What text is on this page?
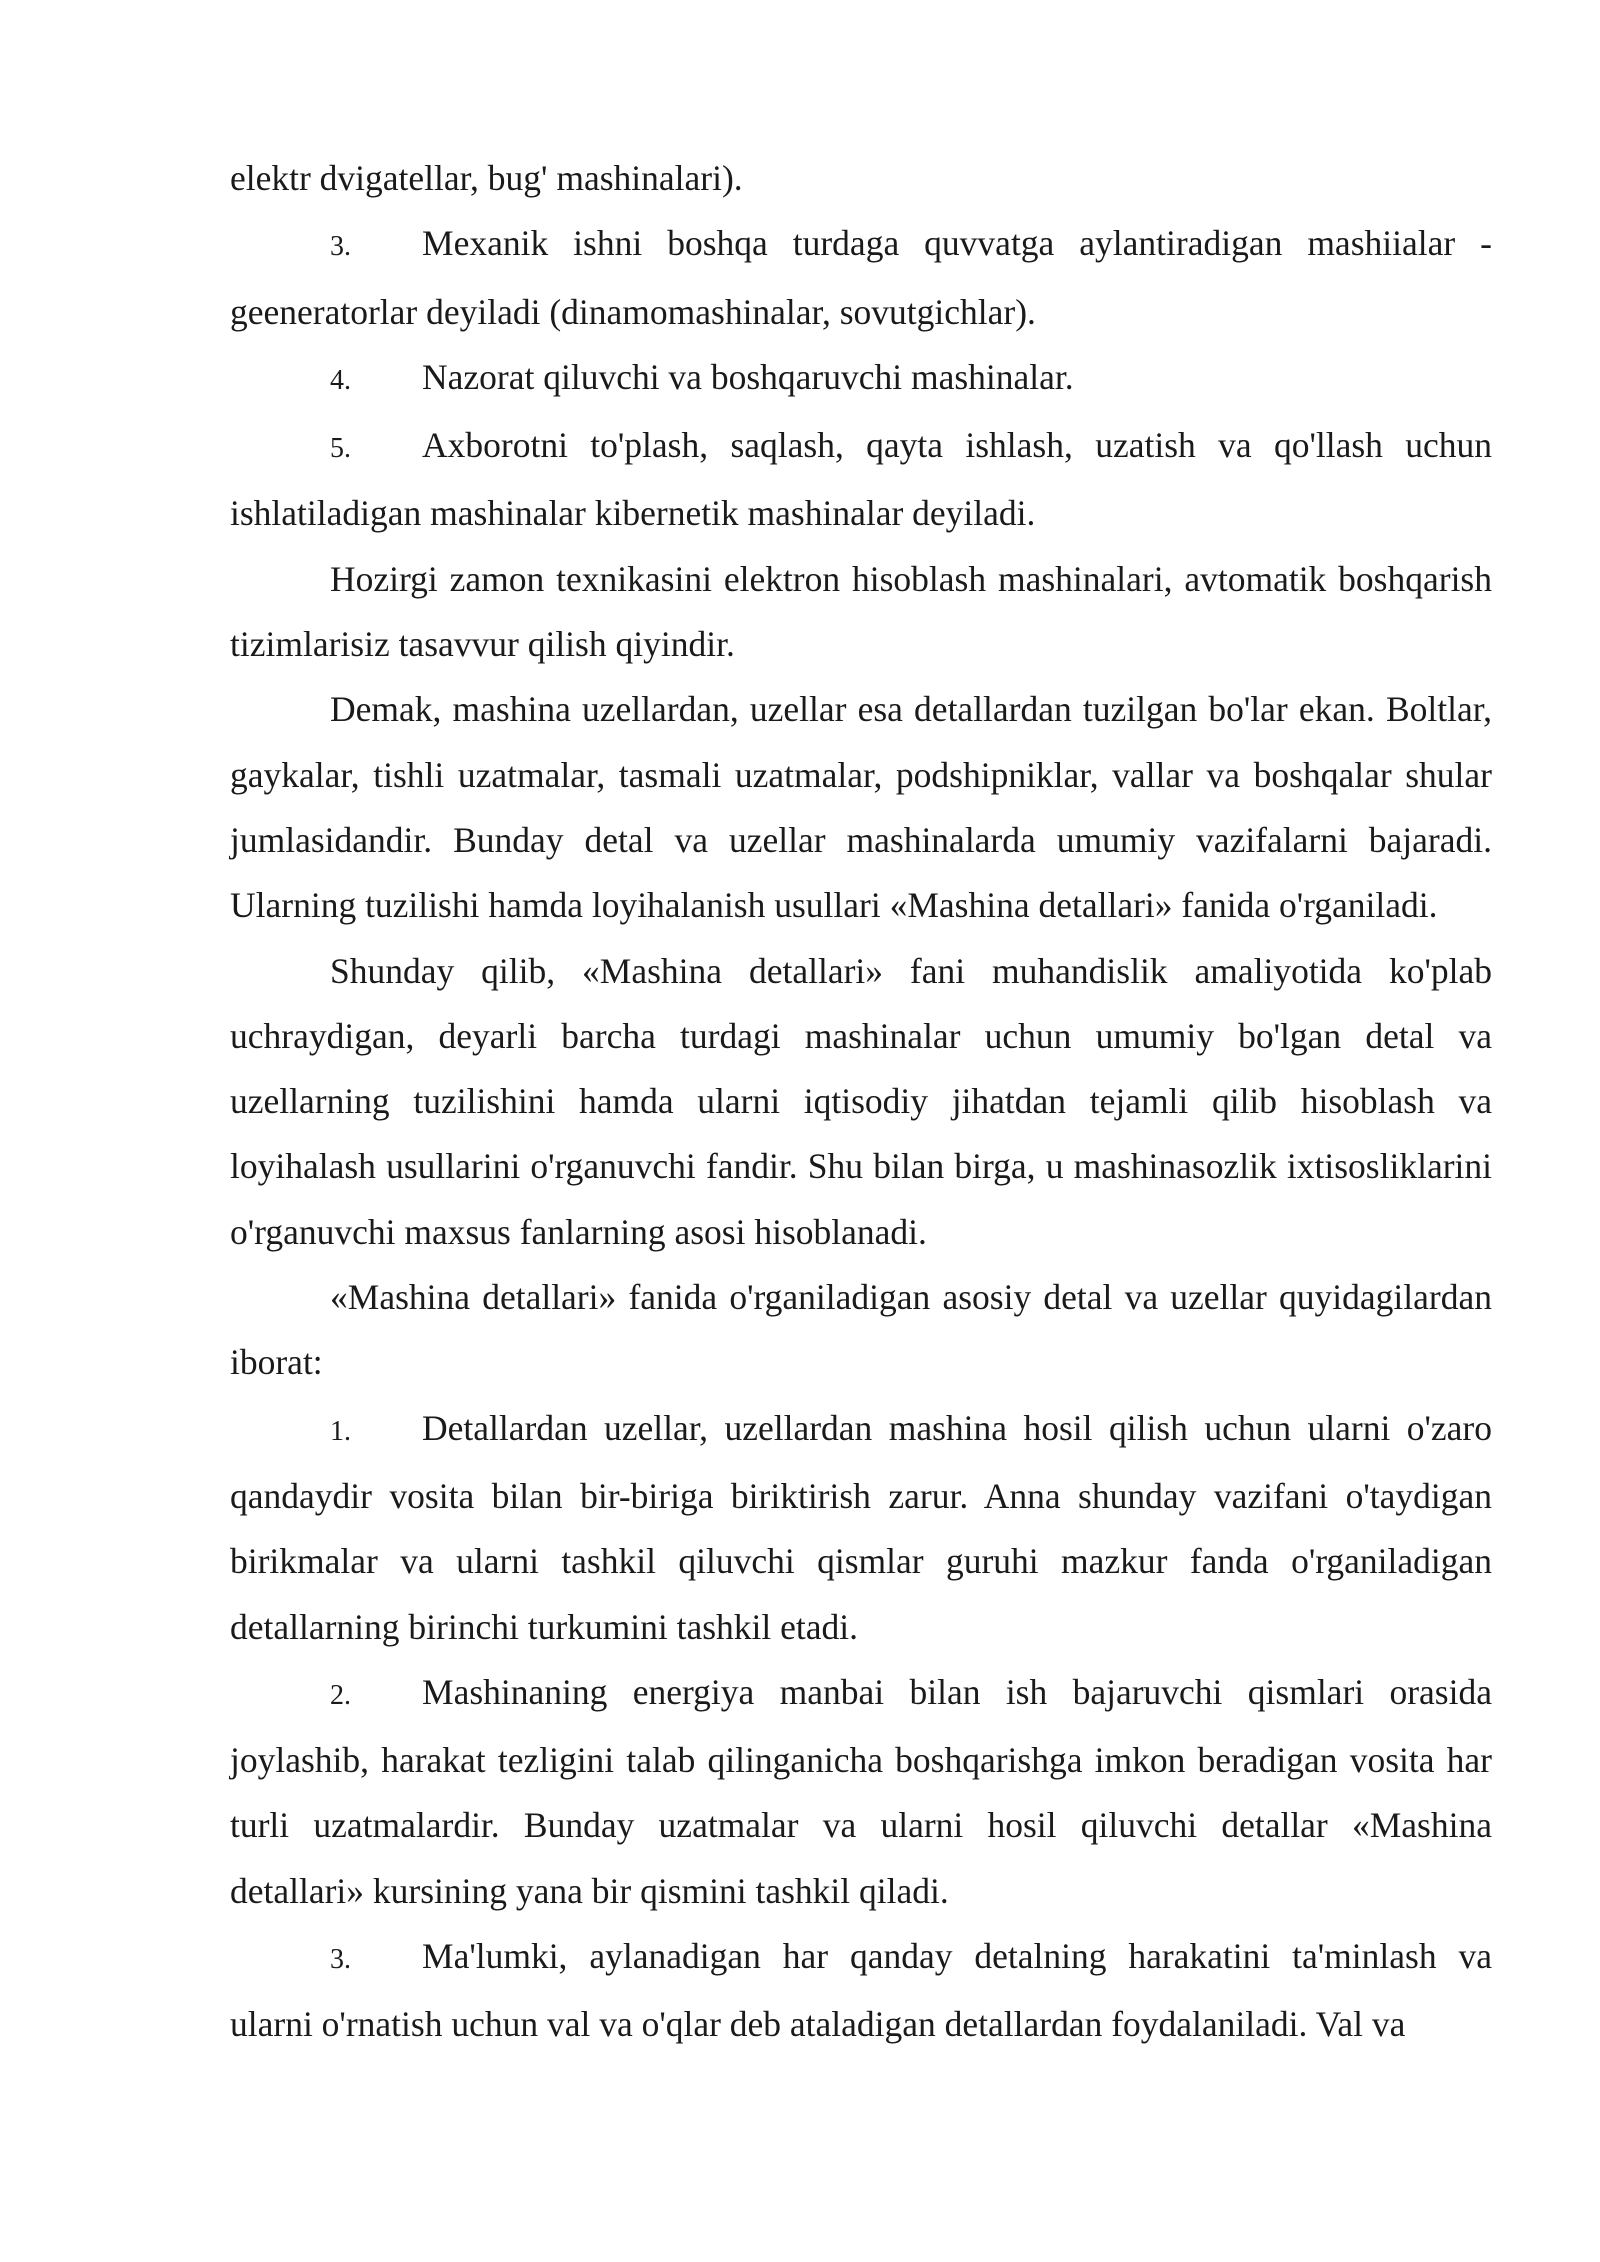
elektr dvigatellar, bug' mashinalari).

3. Mexanik ishni boshqa turdaga quvvatga aylantiradigan mashiialar - geeneratorlar deyiladi (dinamomashinalar, sovutgichlar).

4. Nazorat qiluvchi va boshqaruvchi mashinalar.

5. Axborotni to'plash, saqlash, qayta ishlash, uzatish va qo'llash uchun ishlatiladigan mashinalar kibernetik mashinalar deyiladi.

Hozirgi zamon texnikasini elektron hisoblash mashinalari, avtomatik boshqarish tizimlarisiz tasavvur qilish qiyindir.

Demak, mashina uzellardan, uzellar esa detallardan tuzilgan bo'lar ekan. Boltlar, gaykalar, tishli uzatmalar, tasmali uzatmalar, podshipniklar, vallar va boshqalar shular jumlasidandir. Bunday detal va uzellar mashinalarda umumiy vazifalarni bajaradi. Ularning tuzilishi hamda loyihalanish usullari «Mashina detallari» fanida o'rganiladi.

Shunday qilib, «Mashina detallari» fani muhandislik amaliyotida ko'plab uchraydigan, deyarli barcha turdagi mashinalar uchun umumiy bo'lgan detal va uzellarning tuzilishini hamda ularni iqtisodiy jihatdan tejamli qilib hisoblash va loyihalash usullarini o'rganuvchi fandir. Shu bilan birga, u mashinasozlik ixtisosliklarini o'rganuvchi maxsus fanlarning asosi hisoblanadi.

«Mashina detallari» fanida o'rganiladigan asosiy detal va uzellar quyidagilardan iborat:

1. Detallardan uzellar, uzellardan mashina hosil qilish uchun ularni o'zaro qandaydir vosita bilan bir-biriga biriktirish zarur. Anna shunday vazifani o'taydigan birikmalar va ularni tashkil qiluvchi qismlar guruhi mazkur fanda o'rganiladigan detallarning birinchi turkumini tashkil etadi.

2. Mashinaning energiya manbai bilan ish bajaruvchi qismlari orasida joylashib, harakat tezligini talab qilinganicha boshqarishga imkon beradigan vosita har turli uzatmalardir. Bunday uzatmalar va ularni hosil qiluvchi detallar «Mashina detallari» kursining yana bir qismini tashkil qiladi.

3. Ma'lumki, aylanadigan har qanday detalning harakatini ta'minlash va ularni o'rnatish uchun val va o'qlar deb ataladigan detallardan foydalaniladi. Val va
